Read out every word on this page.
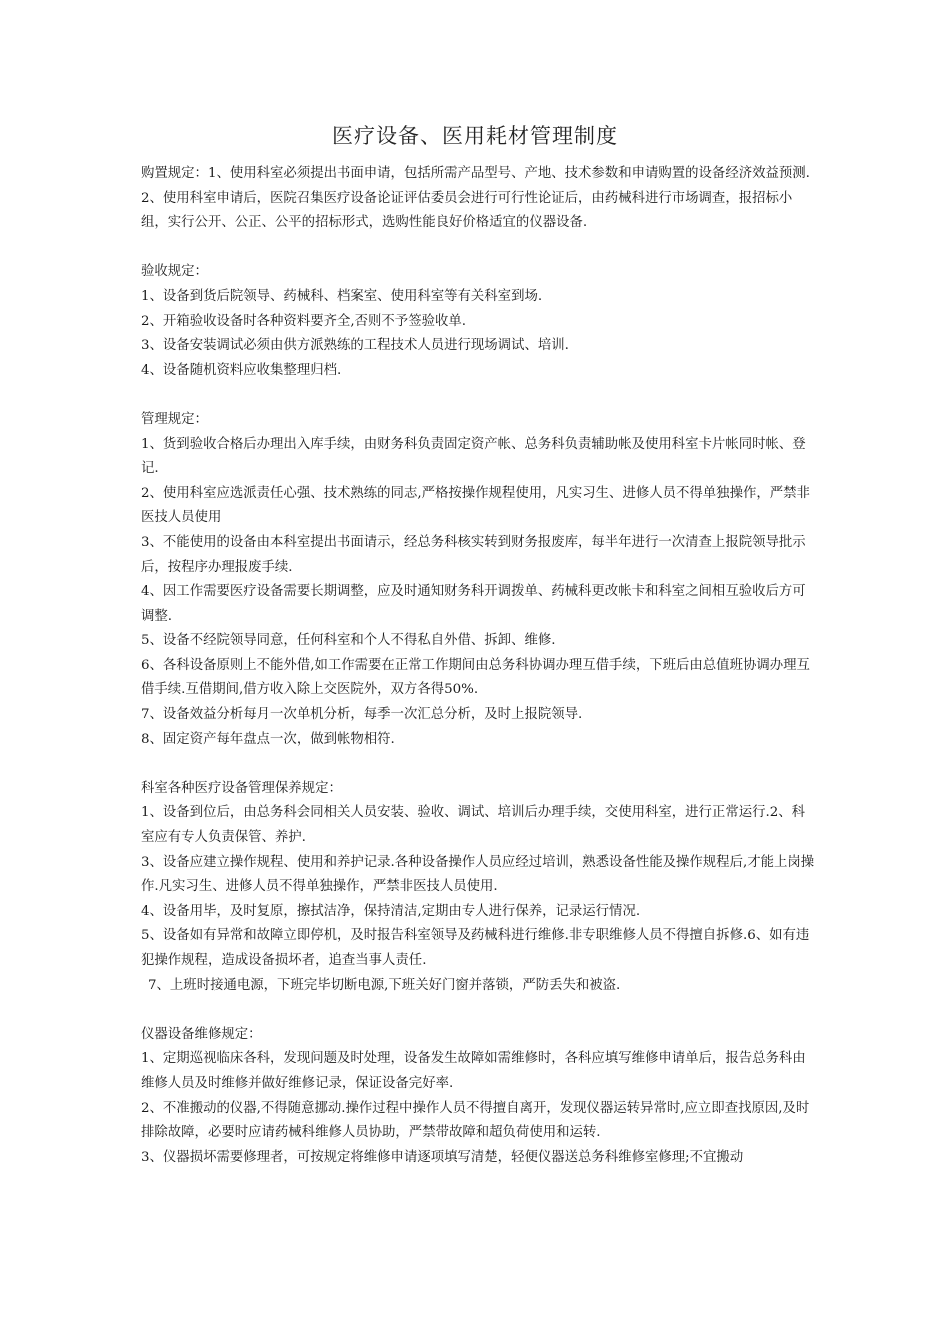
医疗设备、医用耗材管理制度

购置规定：1、使用科室必须提出书面申请，包括所需产品型号、产地、技术参数和申请购置的设备经济效益预测.

2、使用科室申请后，医院召集医疗设备论证评估委员会进行可行性论证后，由药械科进行市场调查，报招标小组，实行公开、公正、公平的招标形式，选购性能良好价格适宜的仪器设备.

验收规定：

1、设备到货后院领导、药械科、档案室、使用科室等有关科室到场.

2、开箱验收设备时各种资料要齐全,否则不予签验收单.

3、设备安装调试必须由供方派熟练的工程技术人员进行现场调试、培训.

4、设备随机资料应收集整理归档.

管理规定：

1、货到验收合格后办理出入库手续，由财务科负责固定资产帐、总务科负责辅助帐及使用科室卡片帐同时帐、登记.

2、使用科室应选派责任心强、技术熟练的同志,严格按操作规程使用，凡实习生、进修人员不得单独操作，严禁非医技人员使用

3、不能使用的设备由本科室提出书面请示，经总务科核实转到财务报废库，每半年进行一次清查上报院领导批示后，按程序办理报废手续.

4、因工作需要医疗设备需要长期调整，应及时通知财务科开调拨单、药械科更改帐卡和科室之间相互验收后方可调整.

5、设备不经院领导同意，任何科室和个人不得私自外借、拆卸、维修.

6、各科设备原则上不能外借,如工作需要在正常工作期间由总务科协调办理互借手续，下班后由总值班协调办理互借手续.互借期间,借方收入除上交医院外，双方各得50%.

7、设备效益分析每月一次单机分析，每季一次汇总分析，及时上报院领导.

8、固定资产每年盘点一次，做到帐物相符.

科室各种医疗设备管理保养规定：

1、设备到位后，由总务科会同相关人员安装、验收、调试、培训后办理手续，交使用科室，进行正常运行.2、科室应有专人负责保管、养护.

3、设备应建立操作规程、使用和养护记录.各种设备操作人员应经过培训，熟悉设备性能及操作规程后,才能上岗操作.凡实习生、进修人员不得单独操作，严禁非医技人员使用.

4、设备用毕，及时复原，擦拭洁净，保持清洁,定期由专人进行保养，记录运行情况.

5、设备如有异常和故障立即停机，及时报告科室领导及药械科进行维修.非专职维修人员不得擅自拆修.6、如有违犯操作规程，造成设备损坏者，追查当事人责任.

7、上班时接通电源，下班完毕切断电源,下班关好门窗并落锁，严防丢失和被盗.

仪器设备维修规定：

1、定期巡视临床各科，发现问题及时处理，设备发生故障如需维修时，各科应填写维修申请单后，报告总务科由维修人员及时维修并做好维修记录，保证设备完好率.

2、不准搬动的仪器,不得随意挪动.操作过程中操作人员不得擅自离开，发现仪器运转异常时,应立即查找原因,及时排除故障，必要时应请药械科维修人员协助，严禁带故障和超负荷使用和运转.

3、仪器损坏需要修理者，可按规定将维修申请逐项填写清楚，轻便仪器送总务科维修室修理;不宜搬动
